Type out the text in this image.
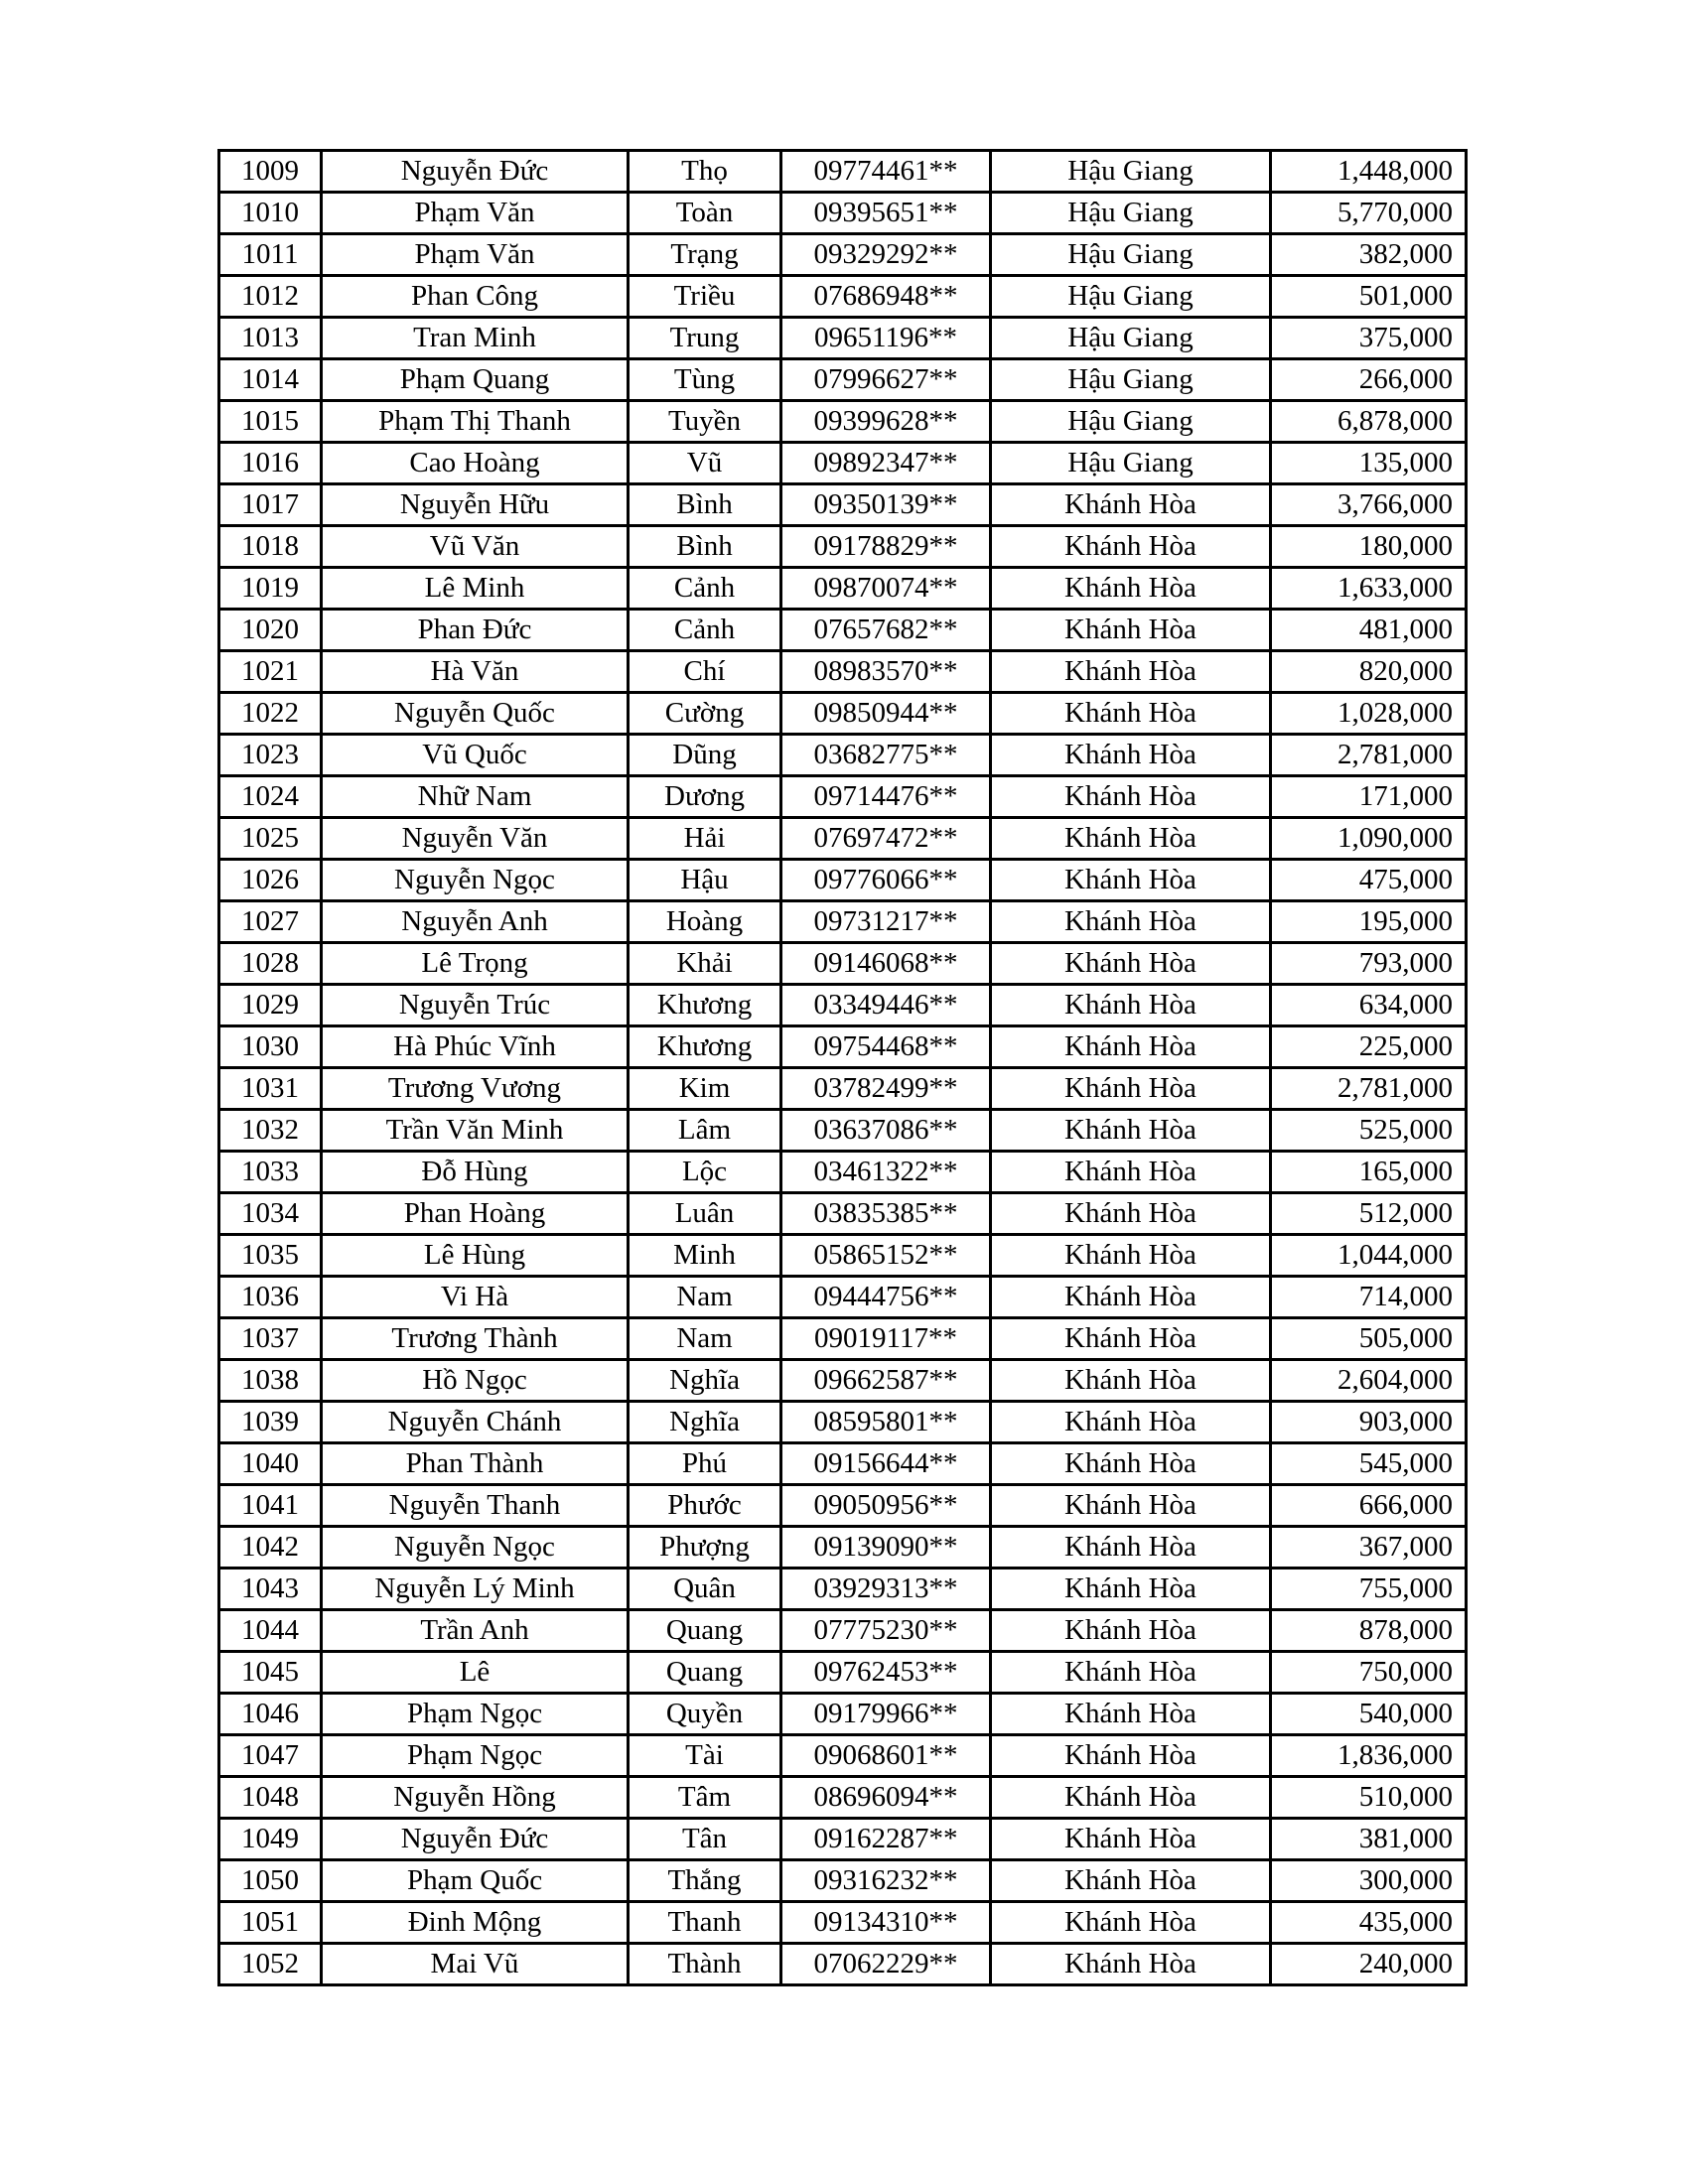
1009	Nguyễn Đức	Thọ	09774461**	Hậu Giang	1,448,000
1010	Phạm Văn	Toàn	09395651**	Hậu Giang	5,770,000
1011	Phạm Văn	Trạng	09329292**	Hậu Giang	382,000
1012	Phan Công	Triều	07686948**	Hậu Giang	501,000
1013	Tran Minh	Trung	09651196**	Hậu Giang	375,000
1014	Phạm Quang	Tùng	07996627**	Hậu Giang	266,000
1015	Phạm Thị Thanh	Tuyền	09399628**	Hậu Giang	6,878,000
1016	Cao Hoàng	Vũ	09892347**	Hậu Giang	135,000
1017	Nguyễn Hữu	Bình	09350139**	Khánh Hòa	3,766,000
1018	Vũ Văn	Bình	09178829**	Khánh Hòa	180,000
1019	Lê Minh	Cảnh	09870074**	Khánh Hòa	1,633,000
1020	Phan Đức	Cảnh	07657682**	Khánh Hòa	481,000
1021	Hà Văn	Chí	08983570**	Khánh Hòa	820,000
1022	Nguyễn Quốc	Cường	09850944**	Khánh Hòa	1,028,000
1023	Vũ Quốc	Dũng	03682775**	Khánh Hòa	2,781,000
1024	Nhữ Nam	Dương	09714476**	Khánh Hòa	171,000
1025	Nguyễn Văn	Hải	07697472**	Khánh Hòa	1,090,000
1026	Nguyễn Ngọc	Hậu	09776066**	Khánh Hòa	475,000
1027	Nguyễn Anh	Hoàng	09731217**	Khánh Hòa	195,000
1028	Lê Trọng	Khải	09146068**	Khánh Hòa	793,000
1029	Nguyễn Trúc	Khương	03349446**	Khánh Hòa	634,000
1030	Hà Phúc Vĩnh	Khương	09754468**	Khánh Hòa	225,000
1031	Trương Vương	Kim	03782499**	Khánh Hòa	2,781,000
1032	Trần Văn Minh	Lâm	03637086**	Khánh Hòa	525,000
1033	Đỗ Hùng	Lộc	03461322**	Khánh Hòa	165,000
1034	Phan Hoàng	Luân	03835385**	Khánh Hòa	512,000
1035	Lê Hùng	Minh	05865152**	Khánh Hòa	1,044,000
1036	Vi Hà	Nam	09444756**	Khánh Hòa	714,000
1037	Trương Thành	Nam	09019117**	Khánh Hòa	505,000
1038	Hồ Ngọc	Nghĩa	09662587**	Khánh Hòa	2,604,000
1039	Nguyễn Chánh	Nghĩa	08595801**	Khánh Hòa	903,000
1040	Phan Thành	Phú	09156644**	Khánh Hòa	545,000
1041	Nguyễn Thanh	Phước	09050956**	Khánh Hòa	666,000
1042	Nguyễn Ngọc	Phượng	09139090**	Khánh Hòa	367,000
1043	Nguyễn Lý Minh	Quân	03929313**	Khánh Hòa	755,000
1044	Trần Anh	Quang	07775230**	Khánh Hòa	878,000
1045	Lê	Quang	09762453**	Khánh Hòa	750,000
1046	Phạm Ngọc	Quyền	09179966**	Khánh Hòa	540,000
1047	Phạm Ngọc	Tài	09068601**	Khánh Hòa	1,836,000
1048	Nguyễn Hồng	Tâm	08696094**	Khánh Hòa	510,000
1049	Nguyễn Đức	Tân	09162287**	Khánh Hòa	381,000
1050	Phạm Quốc	Thắng	09316232**	Khánh Hòa	300,000
1051	Đinh Mộng	Thanh	09134310**	Khánh Hòa	435,000
1052	Mai Vũ	Thành	07062229**	Khánh Hòa	240,000
